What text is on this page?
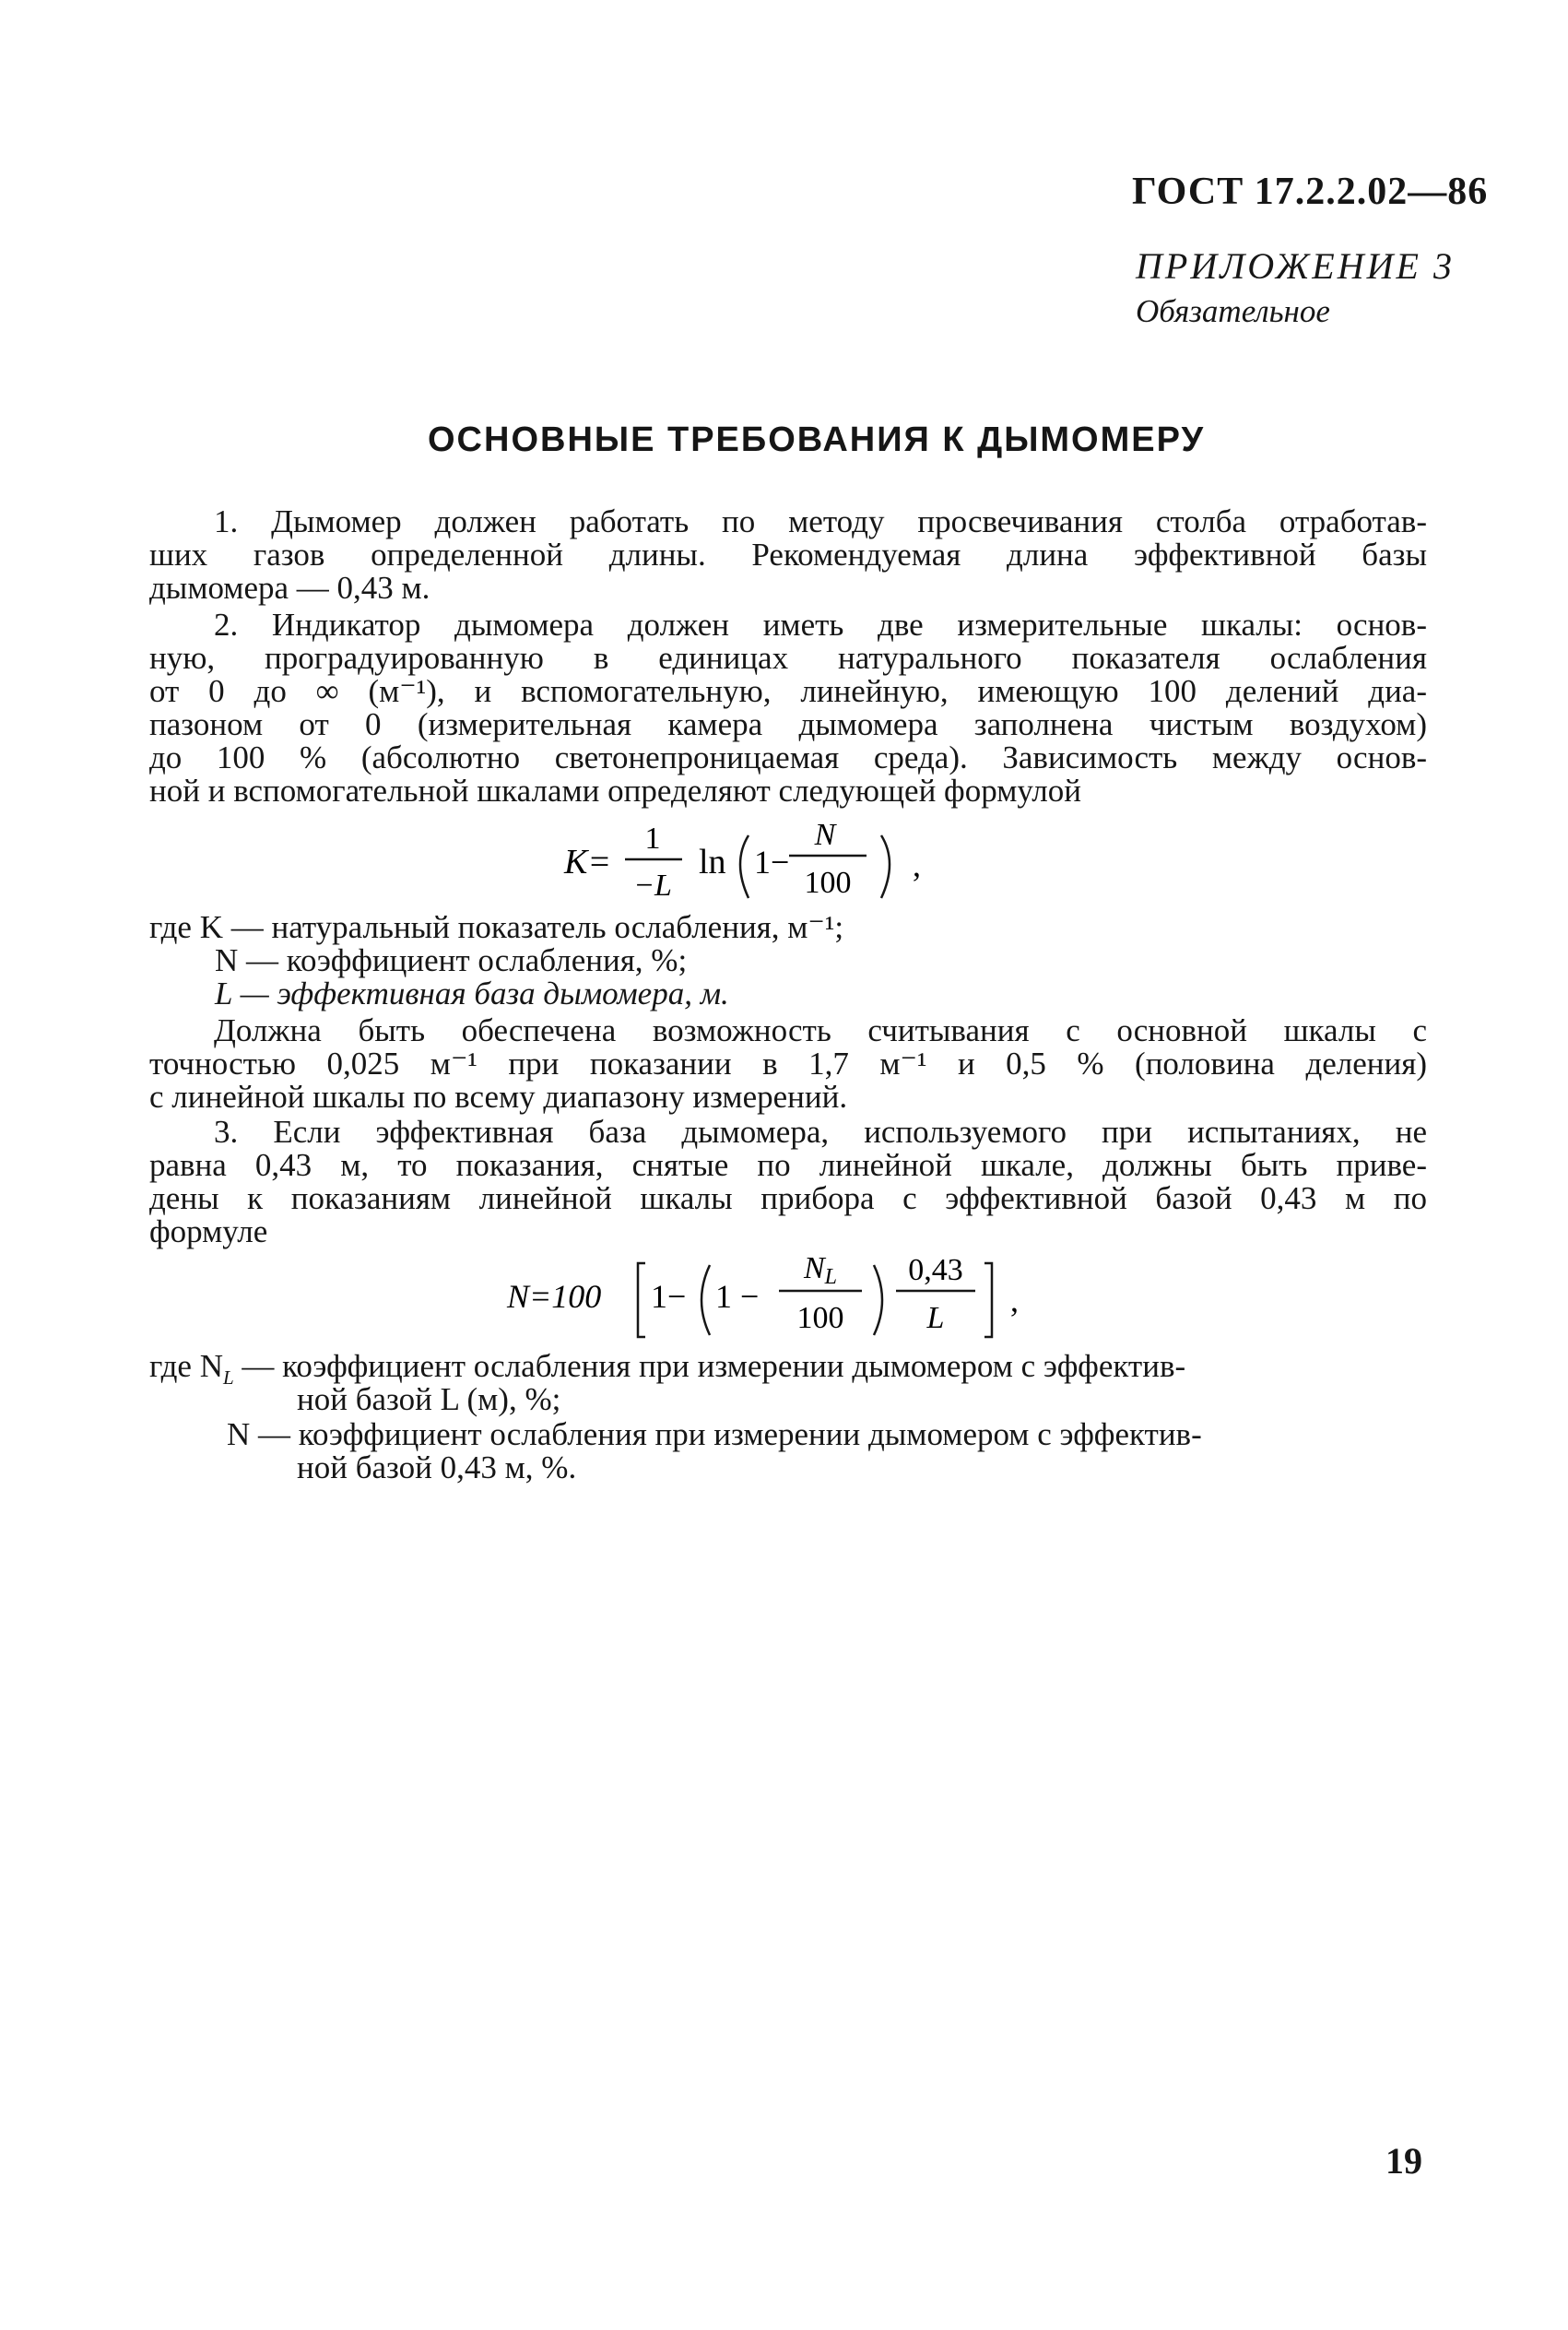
ГОСТ 17.2.2.02—86
ПРИЛОЖЕНИЕ 3
Обязательное
ОСНОВНЫЕ ТРЕБОВАНИЯ К ДЫМОМЕРУ
1. Дымомер должен работать по методу просвечивания столба отработав-
ших газов определенной длины. Рекомендуемая длина эффективной базы
дымомера — 0,43 м.
2. Индикатор дымомера должен иметь две измерительные шкалы: основ-
ную, проградуированную в единицах натурального показателя ослабления
от 0 до ∞ (м⁻¹), и вспомогательную, линейную, имеющую 100 делений диа-
пазоном от 0 (измерительная камера дымомера заполнена чистым воздухом)
до 100 % (абсолютно светонепроницаемая среда). Зависимость между основ-
ной и вспомогательной шкалами определяют следующей формулой
K=
1
−L
ln 1−
N
100 ,
где K — натуральный показатель ослабления, м⁻¹;
N — коэффициент ослабления, %;
L — эффективная база дымомера, м.
Должна быть обеспечена возможность считывания с основной шкалы с
точностью 0,025 м⁻¹ при показании в 1,7 м⁻¹ и 0,5 % (половина деления)
с линейной шкалы по всему диапазону измерений.
3. Если эффективная база дымомера, используемого при испытаниях, не
равна 0,43 м, то показания, снятые по линейной шкале, должны быть приве-
дены к показаниям линейной шкалы прибора с эффективной базой 0,43 м по
формуле
N=100 1− 1 −
NL
100
0,43
L ,
где $N_L$ — коэффициент ослабления при измерении дымомером с эффектив-
ной базой L (м), %;
N — коэффициент ослабления при измерении дымомером с эффектив-
ной базой 0,43 м, %.
19
